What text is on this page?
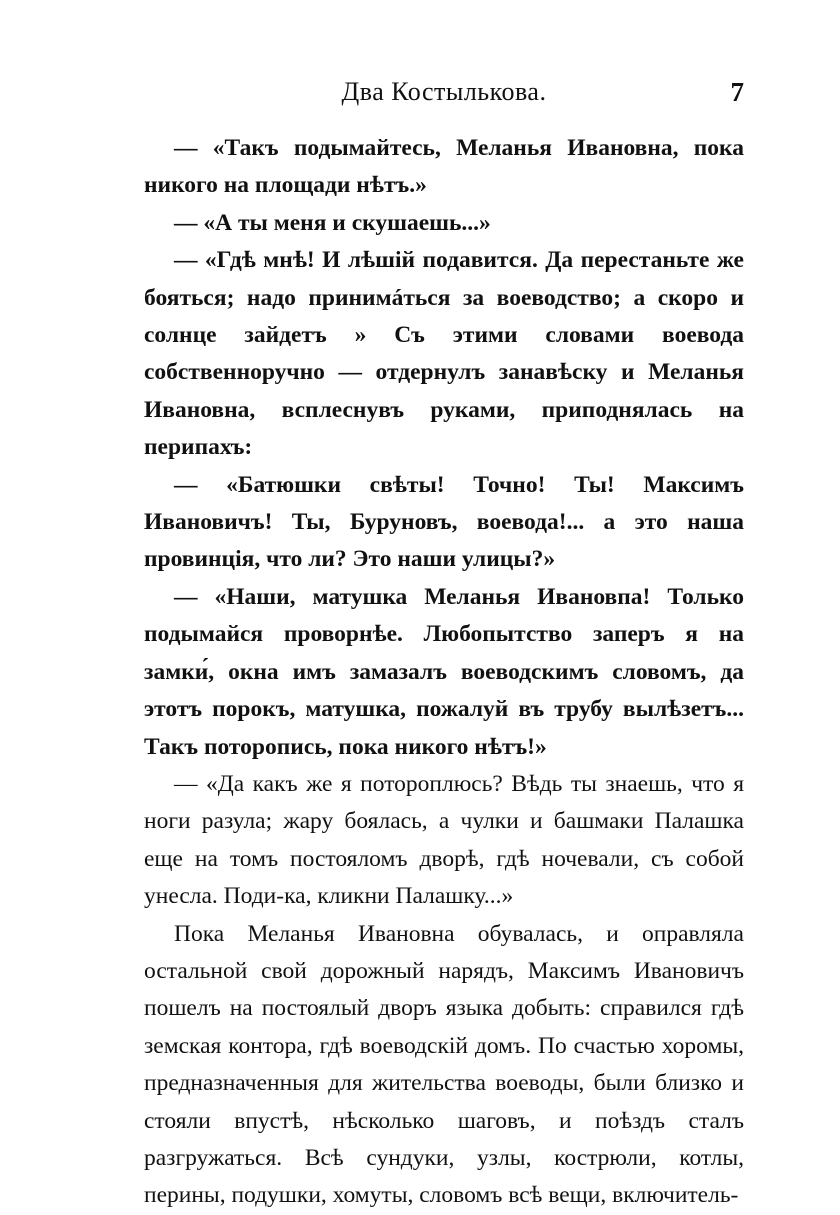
Два Костылькова.	7

— «Такъ подымайтесь, Меланья Ивановна, пока никого на площади нѣтъ.»

— «А ты меня и скушаешь...»

— «Гдѣ мнѣ! И лѣшій подавится. Да перестаньте же бояться; надо принимáться за воеводство; а скоро и солнце зайдетъ » Съ этими словами воевода собственноручно — отдернулъ занавѣску и Меланья Ивановна, всплеснувъ руками, приподнялась на перипахъ:

— «Батюшки свѣты! Точно! Ты! Максимъ Ивановичъ! Ты, Буруновъ, воевода!... а это наша провинція, что ли? Это наши улицы?»

— «Наши, матушка Меланья Ивановпа! Только подымайся проворнѣе. Любопытство заперъ я на замки́, окна имъ замазалъ воеводскимъ словомъ, да этотъ порокъ, матушка, пожалуй въ трубу вылѣзетъ... Такъ поторопись, пока никого нѣтъ!»

— «Да какъ же я потороплюсь? Вѣдь ты знаешь, что я ноги разула; жару боялась, а чулки и башмаки Палашка еще на томъ постояломъ дворѣ, гдѣ ночевали, съ собой унесла. Поди-ка, кликни Палашку...»

Пока Меланья Ивановна обувалась, и оправляла остальной свой дорожный нарядъ, Максимъ Ивановичъ пошелъ на постоялый дворъ языка добыть: справился гдѣ земская контора, гдѣ воеводскій домъ. По счастью хоромы, предназначенныя для жительства воеводы, были близко и стояли впустѣ, нѣсколько шаговъ, и поѣздъ сталъ разгружаться. Всѣ сундуки, узлы, кострюли, котлы, перины, подушки, хомуты, словомъ всѣ вещи, включитель-
